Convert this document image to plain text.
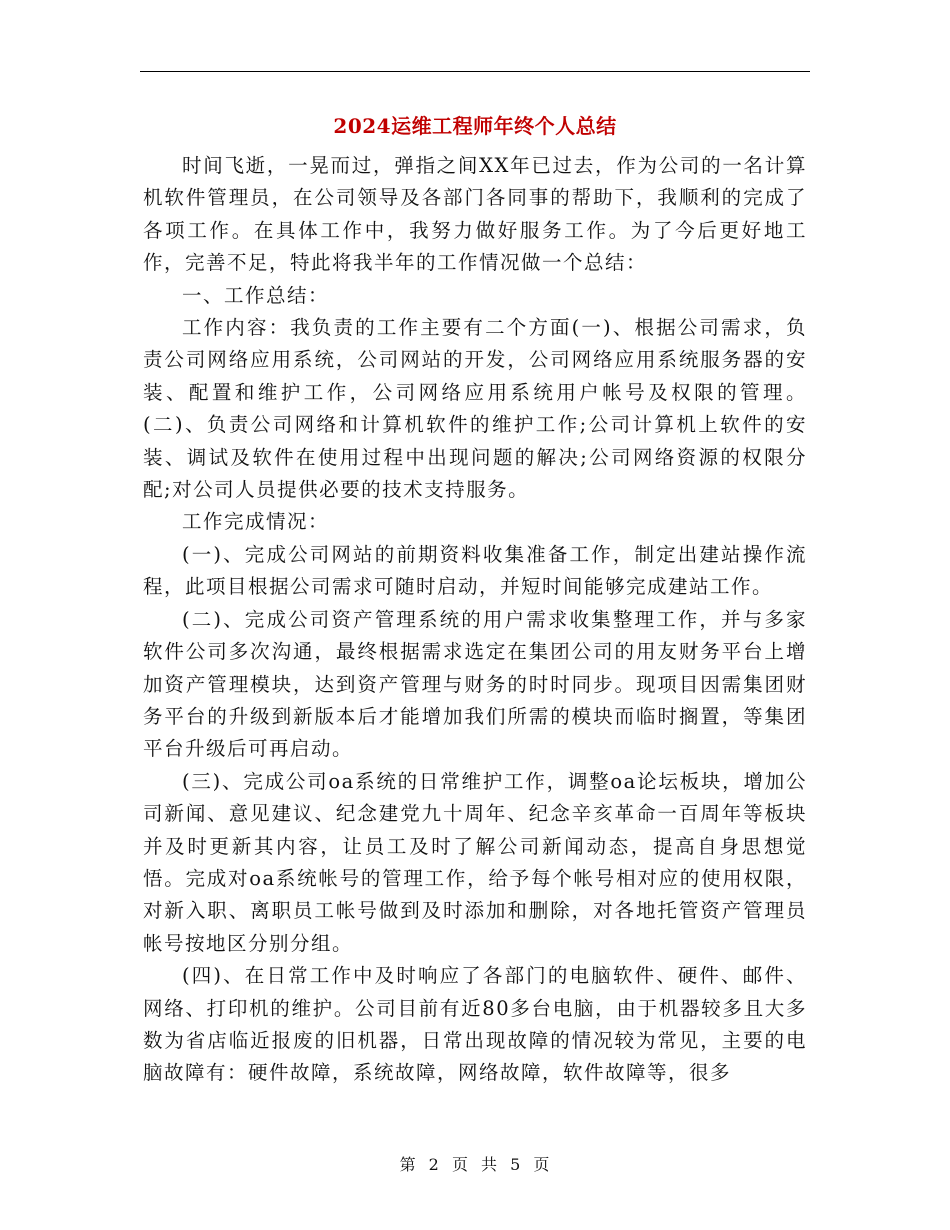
2024运维工程师年终个人总结

时间飞逝，一晃而过，弹指之间XX年已过去，作为公司的一名计算机软件管理员，在公司领导及各部门各同事的帮助下，我顺利的完成了各项工作。在具体工作中，我努力做好服务工作。为了今后更好地工作，完善不足，特此将我半年的工作情况做一个总结：

一、工作总结：

工作内容：我负责的工作主要有二个方面(一)、根据公司需求，负责公司网络应用系统，公司网站的开发，公司网络应用系统服务器的安装、配置和维护工作，公司网络应用系统用户帐号及权限的管理。(二)、负责公司网络和计算机软件的维护工作;公司计算机上软件的安装、调试及软件在使用过程中出现问题的解决;公司网络资源的权限分配;对公司人员提供必要的技术支持服务。

工作完成情况：

(一)、完成公司网站的前期资料收集准备工作，制定出建站操作流程，此项目根据公司需求可随时启动，并短时间能够完成建站工作。

(二)、完成公司资产管理系统的用户需求收集整理工作，并与多家软件公司多次沟通，最终根据需求选定在集团公司的用友财务平台上增加资产管理模块，达到资产管理与财务的时时同步。现项目因需集团财务平台的升级到新版本后才能增加我们所需的模块而临时搁置，等集团平台升级后可再启动。

(三)、完成公司oa系统的日常维护工作，调整oa论坛板块，增加公司新闻、意见建议、纪念建党九十周年、纪念辛亥革命一百周年等板块并及时更新其内容，让员工及时了解公司新闻动态，提高自身思想觉悟。完成对oa系统帐号的管理工作，给予每个帐号相对应的使用权限，对新入职、离职员工帐号做到及时添加和删除，对各地托管资产管理员帐号按地区分别分组。

(四)、在日常工作中及时响应了各部门的电脑软件、硬件、邮件、网络、打印机的维护。公司目前有近80多台电脑，由于机器较多且大多数为省店临近报废的旧机器，日常出现故障的情况较为常见，主要的电脑故障有：硬件故障，系统故障，网络故障，软件故障等，很多

第 2 页 共 5 页
